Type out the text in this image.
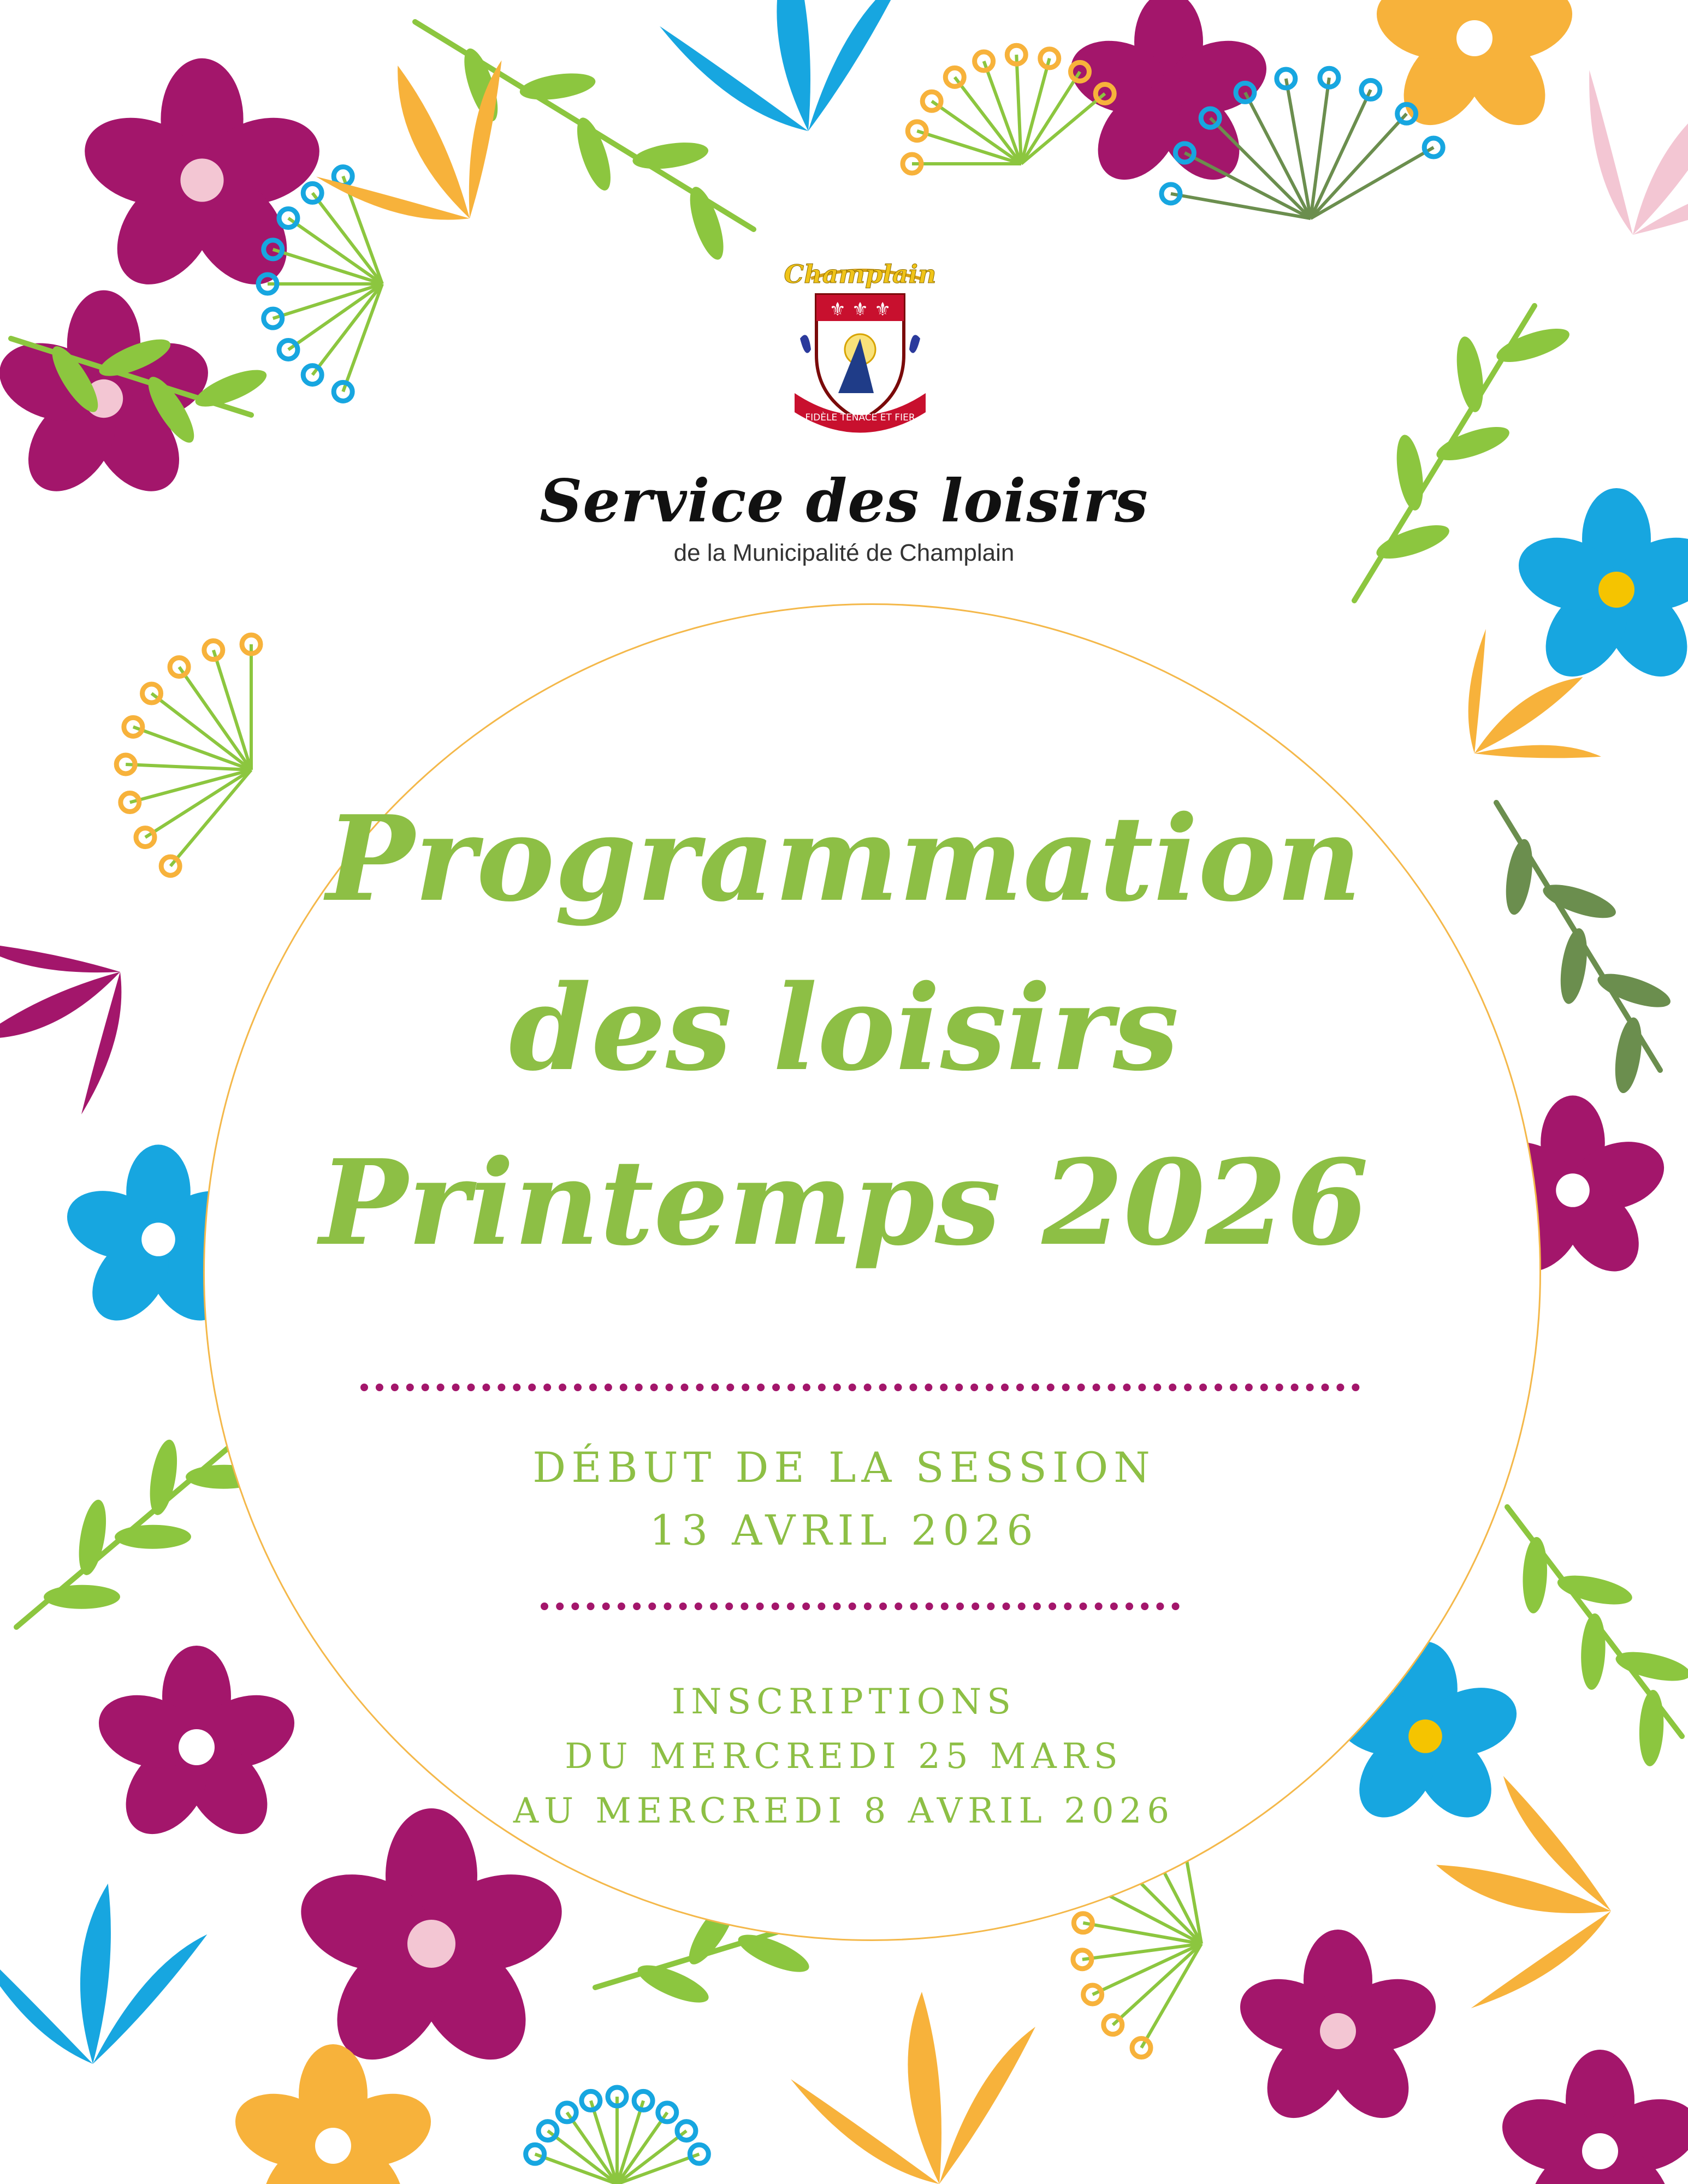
Champlain
⚜ ⚜ ⚜
FIDÈLE TENACE ET FIER
Service des loisirs
de la Municipalité de Champlain
Programmation
des loisirs
Printemps 2026
DÉBUT DE LA SESSION
13 AVRIL 2026
INSCRIPTIONS
DU MERCREDI 25 MARS
AU MERCREDI 8 AVRIL 2026
